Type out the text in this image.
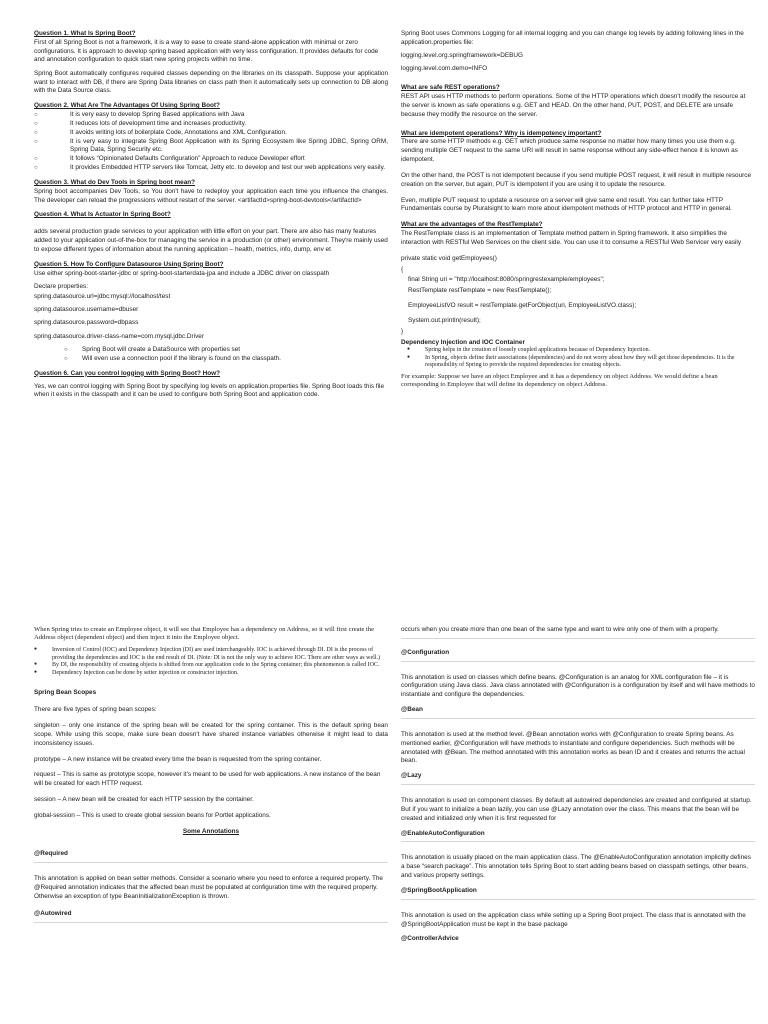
Question 1. What Is Spring Boot?

First of all Spring Boot is not a framework, it is a way to ease to create stand-alone application with minimal or zero configurations. It is approach to develop spring based application with very less configuration. It provides defaults for code and annotation configuration to quick start new spring projects within no time.

Spring Boot automatically configures required classes depending on the libraries on its classpath. Suppose your application want to interact with DB, if there are Spring Data libraries on class path then it automatically sets up connection to DB along with the Data Source class.

Question 2. What Are The Advantages Of Using Spring Boot?

○ It is very easy to develop Spring Based applications with Java
○ It reduces lots of development time and increases productivity.
○ It avoids writing lots of boilerplate Code, Annotations and XML Configuration.
○ It is very easy to integrate Spring Boot Application with its Spring Ecosystem like Spring JDBC, Spring ORM, Spring Data, Spring Security etc.
○ It follows “Opinionated Defaults Configuration” Approach to reduce Developer effort
○ It provides Embedded HTTP servers like Tomcat, Jetty etc. to develop and test our web applications very easily.

Question 3. What do Dev Tools in Spring boot mean?

Spring boot accompanies Dev Tools, so You don't have to redeploy your application each time you influence the changes. The developer can reload the progressions without restart of the server. <artifactId>spring-boot-devtools</artifactId>

Question 4. What Is Actuator In Spring Boot?

adds several production grade services to your application with little effort on your part. There are also has many features added to your application out-of-the-box for managing the service in a production (or other) environment. They're mainly used to expose different types of information about the running application – health, metrics, info, dump, env et

Question 5. How To Configure Datasource Using Spring Boot?

Use either spring-boot-starter-jdbc or spring-boot-starterdata-jpa and include a JDBC driver on classpath

Declare properties:

spring.datasource.url=jdbc:mysql://localhost/test

spring.datasource.username=dbuser

spring.datasource.password=dbpass

spring.datasource.driver-class-name=com.mysql.jdbc.Driver

○ Spring Boot will create a DataSource with properties set
○ Will even use a connection pool if the library is found on the classpath.

Question 6. Can you control logging with Spring Boot? How?

Yes, we can control logging with Spring Boot by specifying log levels on application.properties file. Spring Boot loads this file when it exists in the classpath and it can be used to configure both Spring Boot and application code.

Spring Boot uses Commons Logging for all internal logging and you can change log levels by adding following lines in the application.properties file:

logging.level.org.springframework=DEBUG

logging.level.com.demo=INFO

What are safe REST operations?

REST API uses HTTP methods to perform operations. Some of the HTTP operations which doesn't modify the resource at the server is known as safe operations e.g. GET and HEAD. On the other hand, PUT, POST, and DELETE are unsafe because they modify the resource on the server.

What are idempotent operations? Why is idempotency important?

There are some HTTP methods e.g. GET which produce same response no matter how many times you use them e.g. sending multiple GET request to the same URI will result in same response without any side-effect hence it is known as idempotent.

On the other hand, the POST is not idempotent because if you send multiple POST request, it will result in multiple resource creation on the server, but again, PUT is idempotent if you are using it to update the resource.

Even, multiple PUT request to update a resource on a server will give same end result. You can further take HTTP Fundamentals course by Pluralsight to learn more about idempotent methods of HTTP protocol and HTTP in general.

What are the advantages of the RestTemplate?

The RestTemplate class is an implementation of Template method pattern in Spring framework. It also simplifies the interaction with RESTful Web Services on the client side. You can use it to consume a RESTful Web Servicer very easily

private static void getEmployees()

{

final String uri = "http://localhost:8080/springrestexample/employees";

RestTemplate restTemplate = new RestTemplate();

EmployeeListVO result = restTemplate.getForObject(uri, EmployeeListVO.class);

System.out.println(result);

}

Dependency Injection and IOC Container

● Spring helps in the creation of loosely coupled applications because of Dependency Injection.
● In Spring, objects define their associations (dependencies) and do not worry about how they will get those dependencies. It is the responsibility of Spring to provide the required dependencies for creating objects.

For example: Suppose we have an object Employee and it has a dependency on object Address. We would define a bean corresponding to Employee that will define its dependency on object Address.

When Spring tries to create an Employee object, it will see that Employee has a dependency on Address, so it will first create the Address object (dependent object) and then inject it into the Employee object.

● Inversion of Control (IOC) and Dependency Injection (DI) are used interchangeably. IOC is achieved through DI. DI is the process of providing the dependencies and IOC is the end result of DI. (Note: DI is not the only way to achieve IOC. There are other ways as well.)
● By DI, the responsibility of creating objects is shifted from our application code to the Spring container; this phenomenon is called IOC.
● Dependency Injection can be done by setter injection or constructor injection.

Spring Bean Scopes

There are five types of spring bean scopes:

singleton – only one instance of the spring bean will be created for the spring container. This is the default spring bean scope. While using this scope, make sure bean doesn't have shared instance variables otherwise it might lead to data inconsistency issues.

prototype – A new instance will be created every time the bean is requested from the spring container.

request – This is same as prototype scope, however it's meant to be used for web applications. A new instance of the bean will be created for each HTTP request.

session – A new bean will be created for each HTTP session by the container.

global-session – This is used to create global session beans for Portlet applications.

Some Annotations

@Required

This annotation is applied on bean setter methods. Consider a scenario where you need to enforce a required property. The @Required annotation indicates that the affected bean must be populated at configuration time with the required property. Otherwise an exception of type BeanInitializationException is thrown.

@Autowired

occurs when you create more than one bean of the same type and want to wire only one of them with a property.

@Configuration

This annotation is used on classes which define beans. @Configuration is an analog for XML configuration file – it is configuration using Java class. Java class annotated with @Configuration is a configuration by itself and will have methods to instantiate and configure the dependencies.

@Bean

This annotation is used at the method level. @Bean annotation works with @Configuration to create Spring beans. As mentioned earlier, @Configuration will have methods to instantiate and configure dependencies. Such methods will be annotated with @Bean. The method annotated with this annotation works as bean ID and it creates and returns the actual bean.

@Lazy

This annotation is used on component classes. By default all autowired dependencies are created and configured at startup. But if you want to initialize a bean lazily, you can use @Lazy annotation over the class. This means that the bean will be created and initialized only when it is first requested for

@EnableAutoConfiguration

This annotation is usually placed on the main application class. The @EnableAutoConfiguration annotation implicitly defines a base “search package”. This annotation tells Spring Boot to start adding beans based on classpath settings, other beans, and various property settings.

@SpringBootApplication

This annotation is used on the application class while setting up a Spring Boot project. The class that is annotated with the @SpringBootApplication must be kept in the base package

@ControllerAdvice
